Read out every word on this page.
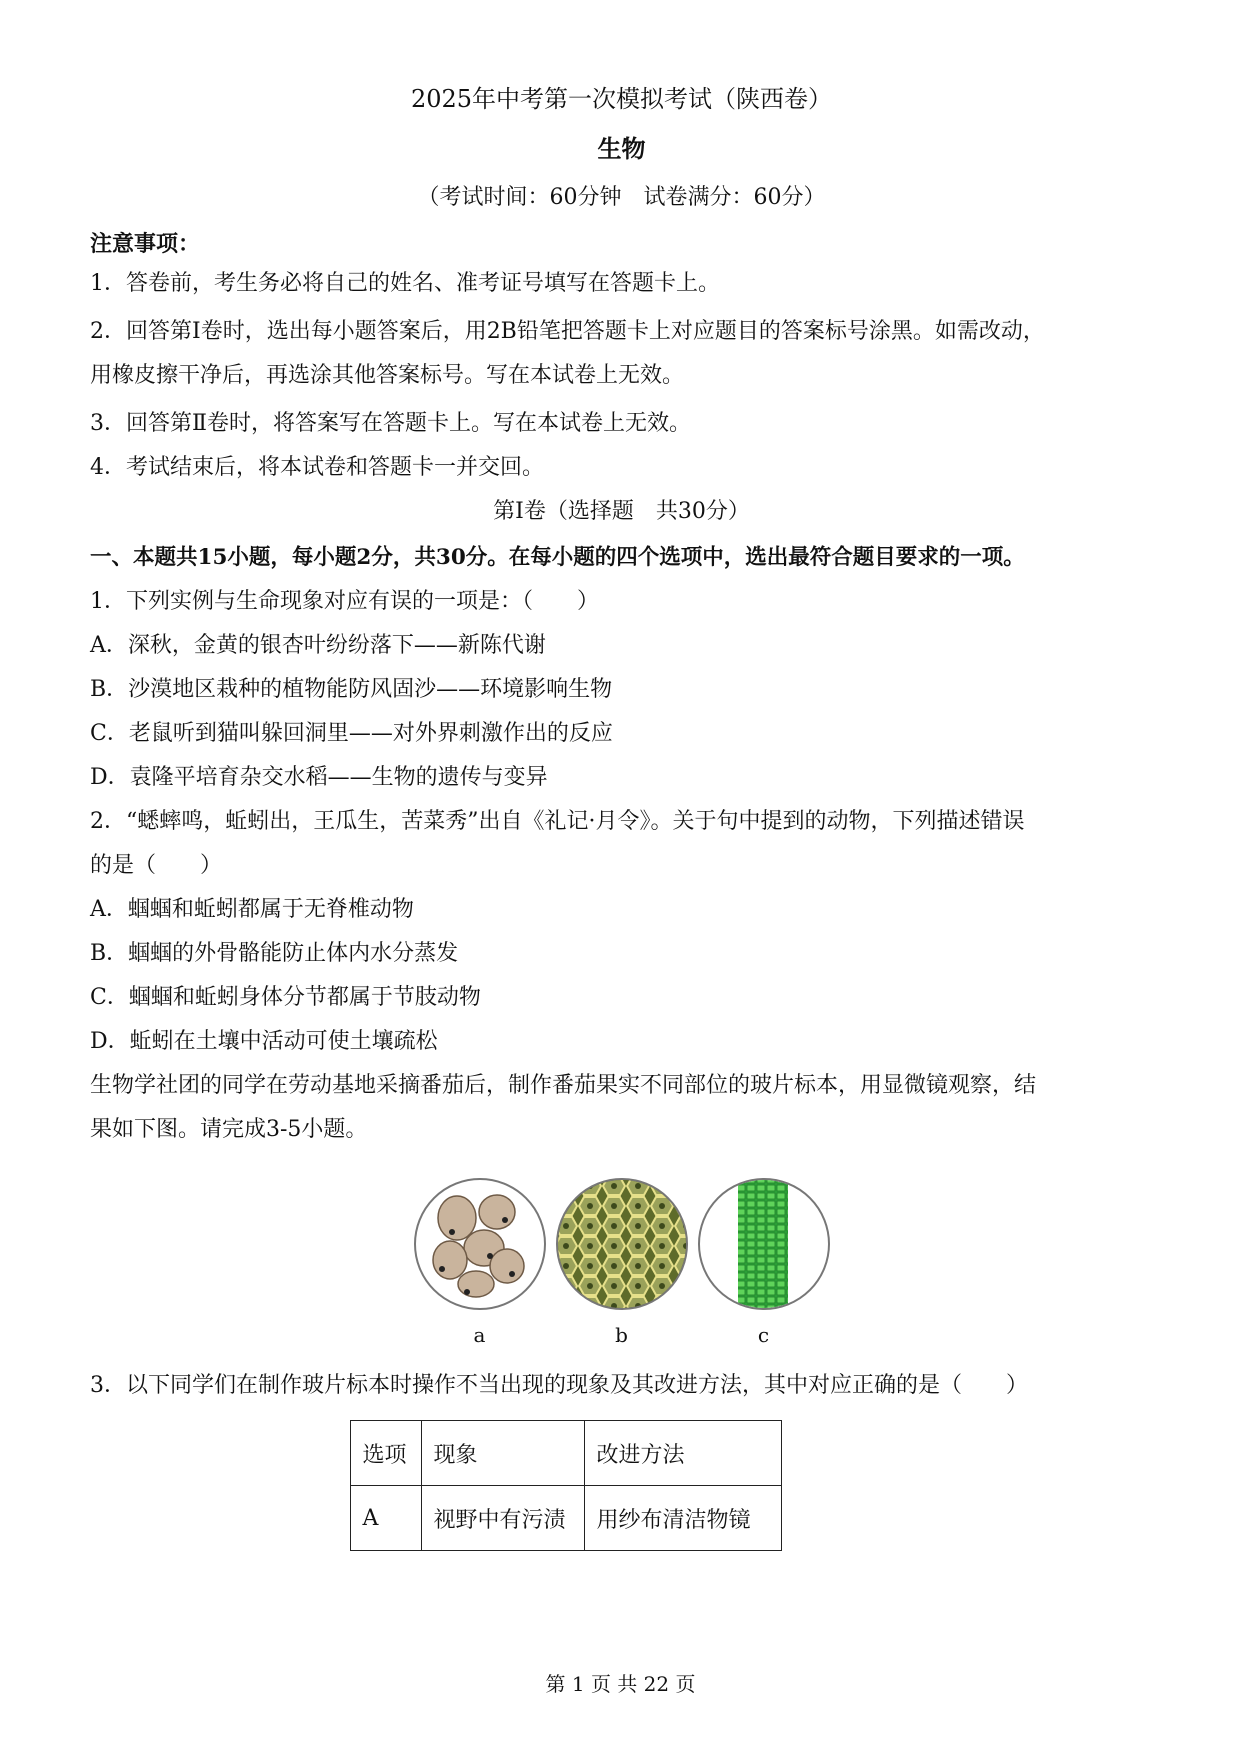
2025年中考第一次模拟考试（陕西卷）
生物
（考试时间：60分钟　试卷满分：60分）
注意事项：
1．答卷前，考生务必将自己的姓名、准考证号填写在答题卡上。
2．回答第Ⅰ卷时，选出每小题答案后，用2B铅笔把答题卡上对应题目的答案标号涂黑。如需改动，
用橡皮擦干净后，再选涂其他答案标号。写在本试卷上无效。
3．回答第Ⅱ卷时，将答案写在答题卡上。写在本试卷上无效。
4．考试结束后，将本试卷和答题卡一并交回。
第Ⅰ卷（选择题　共30分）
一、本题共15小题，每小题2分，共30分。在每小题的四个选项中，选出最符合题目要求的一项。
1．下列实例与生命现象对应有误的一项是：（　　）
A．深秋，金黄的银杏叶纷纷落下——新陈代谢
B．沙漠地区栽种的植物能防风固沙——环境影响生物
C．老鼠听到猫叫躲回洞里——对外界刺激作出的反应
D．袁隆平培育杂交水稻——生物的遗传与变异
2．“蟋蟀鸣，蚯蚓出，王瓜生，苦菜秀”出自《礼记·月令》。关于句中提到的动物，下列描述错误
的是（　　）
A．蝈蝈和蚯蚓都属于无脊椎动物
B．蝈蝈的外骨骼能防止体内水分蒸发
C．蝈蝈和蚯蚓身体分节都属于节肢动物
D．蚯蚓在土壤中活动可使土壤疏松
生物学社团的同学在劳动基地采摘番茄后，制作番茄果实不同部位的玻片标本，用显微镜观察，结
果如下图。请完成3-5小题。
a	b	c
3．以下同学们在制作玻片标本时操作不当出现的现象及其改进方法，其中对应正确的是（　　）
选项	现象	改进方法
A	视野中有污渍	用纱布清洁物镜
第 1 页 共 22 页
